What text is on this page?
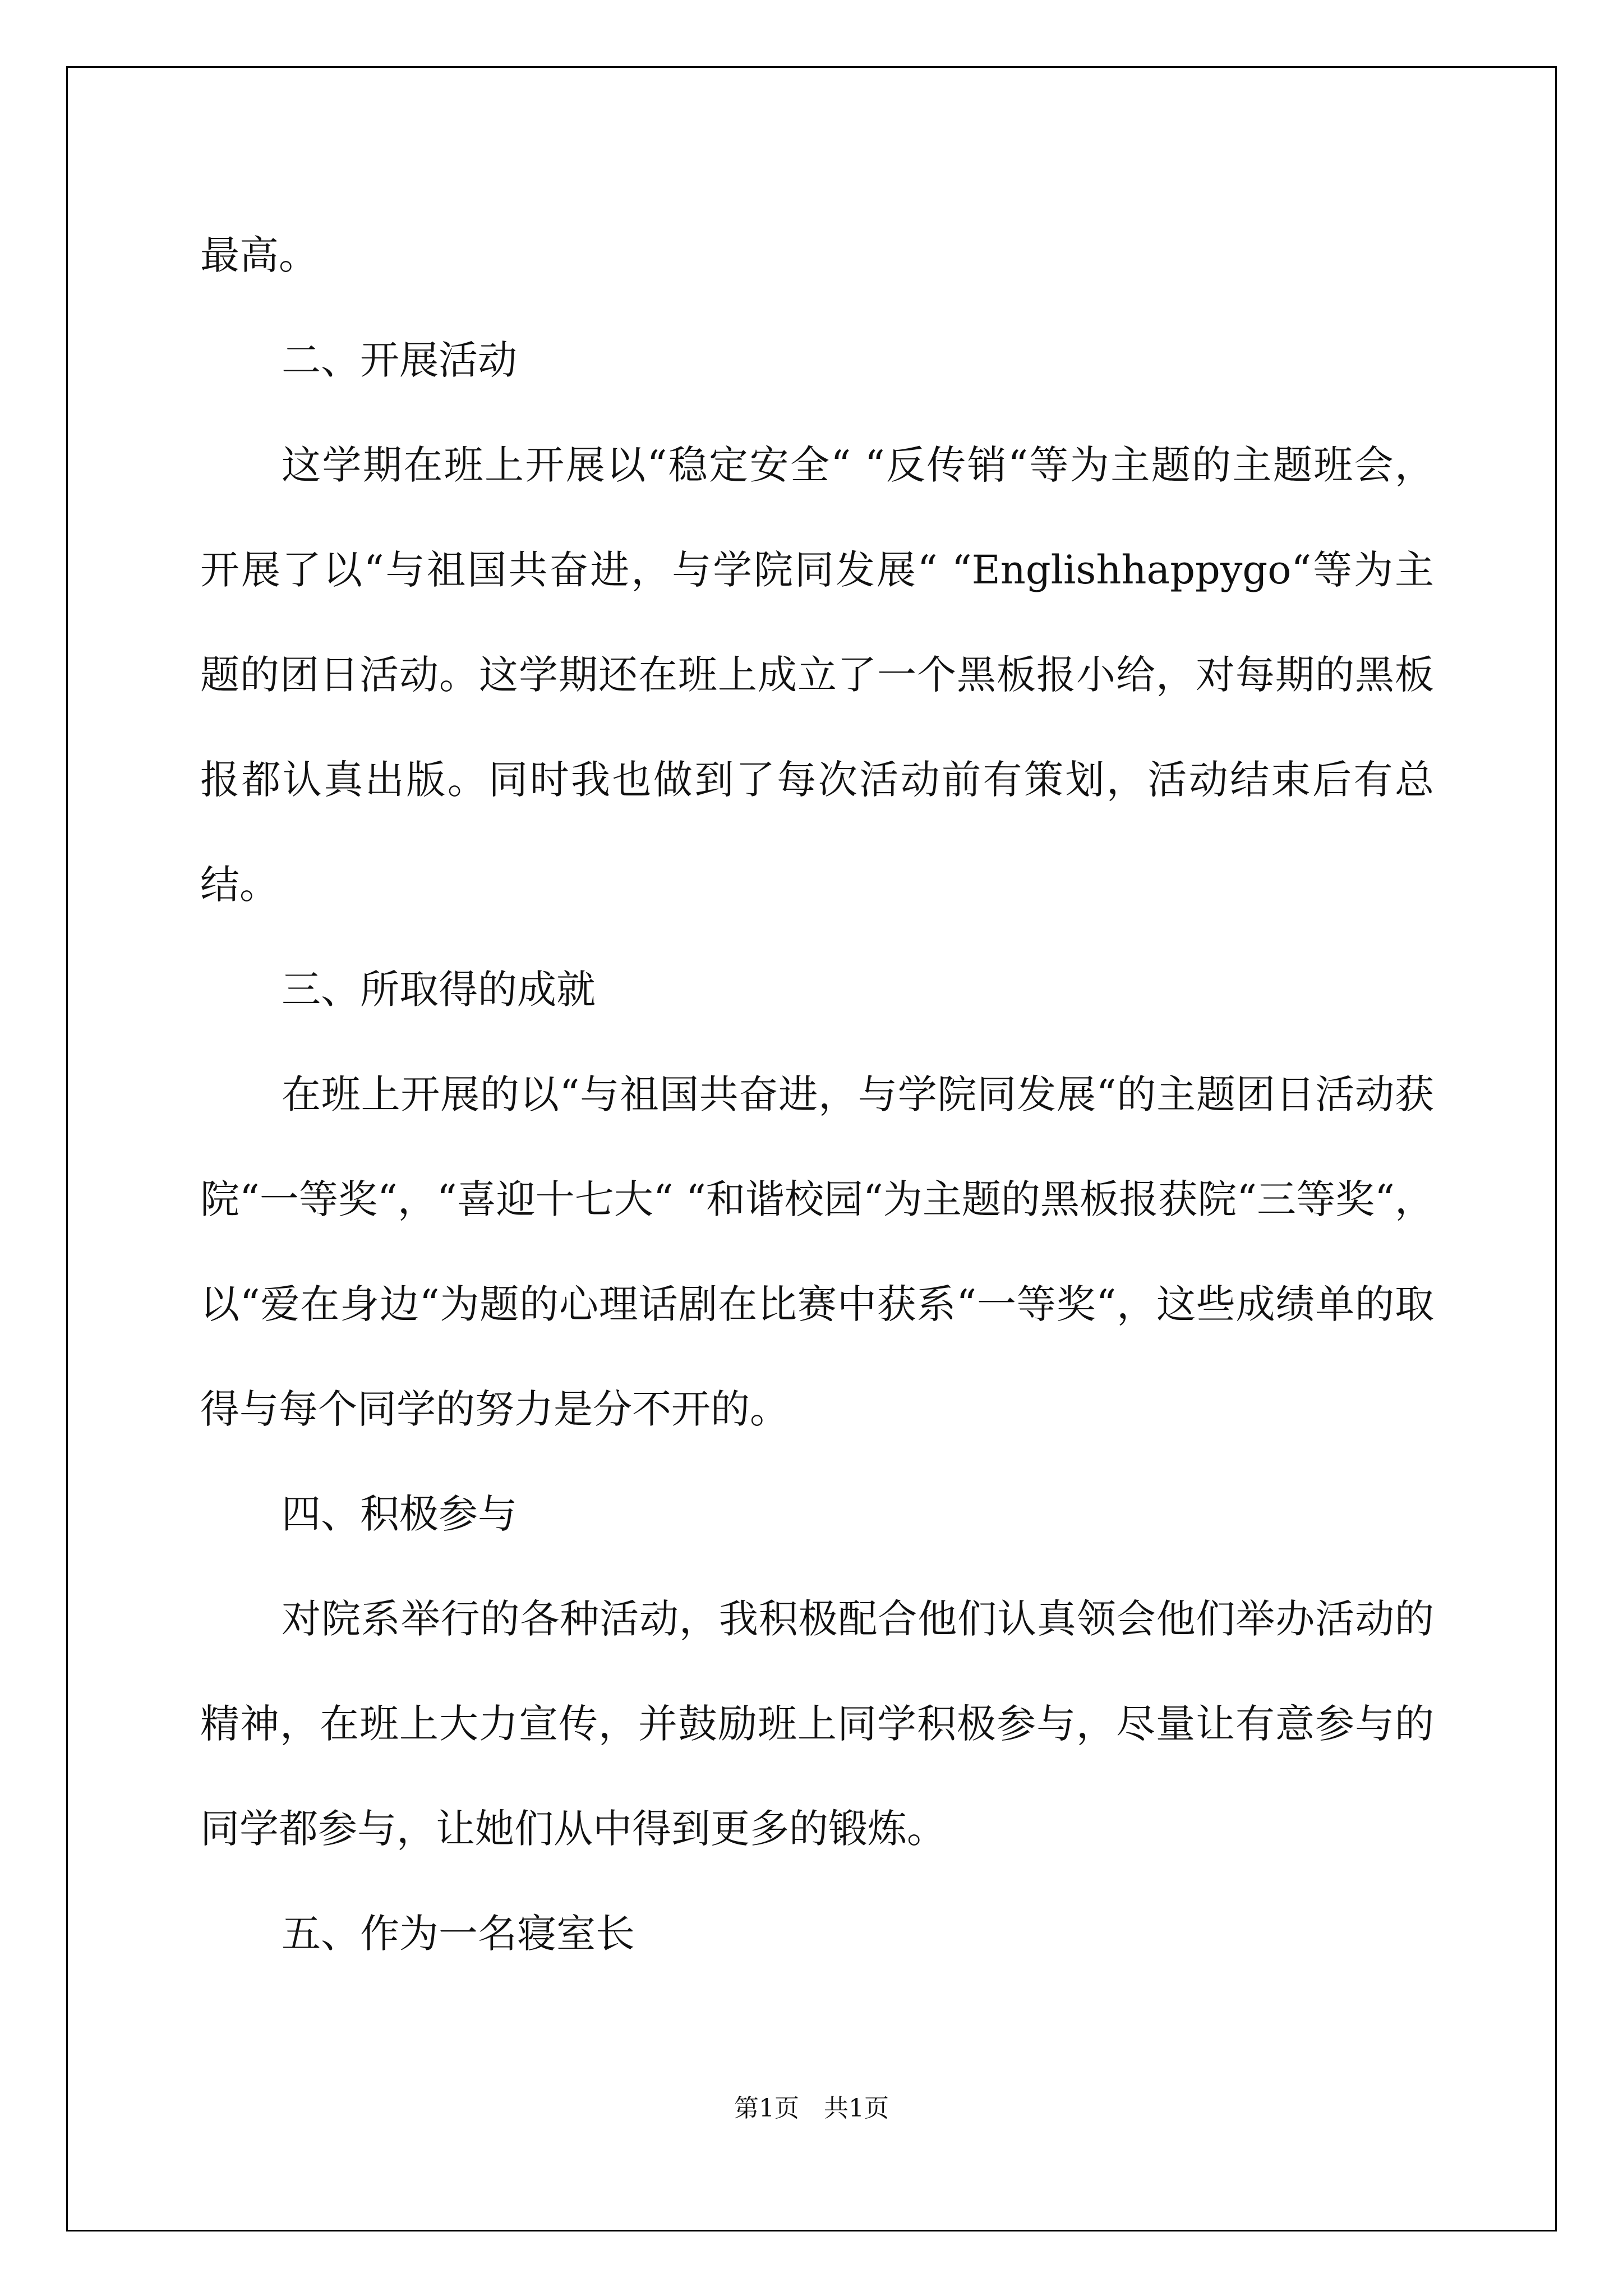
最高。

二、开展活动

这学期在班上开展以“稳定安全“ “反传销“等为主题的主题班会，开展了以“与祖国共奋进，与学院同发展“ “Englishhappygo“等为主题的团日活动。这学期还在班上成立了一个黑板报小给，对每期的黑板报都认真出版。同时我也做到了每次活动前有策划，活动结束后有总结。

三、所取得的成就

在班上开展的以“与祖国共奋进，与学院同发展“的主题团日活动获院“一等奖“，“喜迎十七大“ “和谐校园“为主题的黑板报获院“三等奖“，以“爱在身边“为题的心理话剧在比赛中获系“一等奖“，这些成绩单的取得与每个同学的努力是分不开的。

四、积极参与

对院系举行的各种活动，我积极配合他们认真领会他们举办活动的精神，在班上大力宣传，并鼓励班上同学积极参与，尽量让有意参与的同学都参与，让她们从中得到更多的锻炼。

五、作为一名寝室长

第1页　共1页
